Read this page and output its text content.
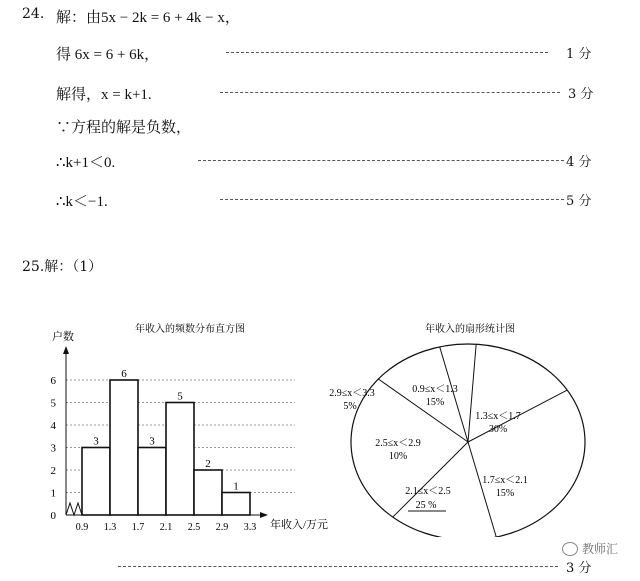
24. 解：由5x − 2k = 6 + 4k − x，
得 6x = 6 + 6k，	1 分
解得，x = k+1.	3 分
∵方程的解是负数，
∴k+1＜0.	4 分
∴k＜−1.	5 分
25.解：（1）
年收入的频数分布直方图
户数
年收入/万元
0
1
2
3
4
5
6
0.9 1.3 1.7 2.1 2.5 2.9 3.3
3
6
3
5
2
1
年收入的扇形统计图
0.9≤x＜1.3
15%
1.3≤x＜1.7
30%
1.7≤x＜2.1
15%
2.1≤x＜2.5
25 %
2.5≤x＜2.9
10%
2.9≤x＜3.3
5%
3 分
教师汇
